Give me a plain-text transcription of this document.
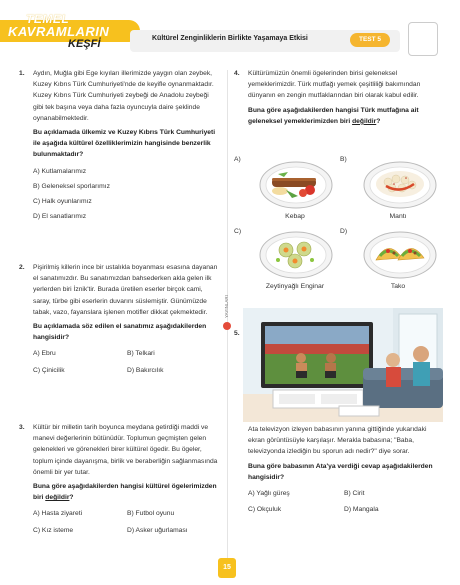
TEMEL
KAVRAMLARIN
KEŞFİ	Kültürel Zenginliklerin Birlikte Yaşamaya Etkisi	TEST 5
1. Aydın, Muğla gibi Ege kıyıları illerimizde yaygın olan zeybek, Kuzey Kıbrıs Türk Cumhuriyeti'nde de keyifle oynanmaktadır. Kuzey Kıbrıs Türk Cumhuriyeti zeybeği de Anadolu zeybeği gibi tek başına veya daha fazla oyuncuyla daire şeklinde oynanabilmektedir.

Bu açıklamada ülkemiz ve Kuzey Kıbrıs Türk Cumhuriyeti ile aşağıda kültürel özelliklerimizin hangisinde benzerlik bulunmaktadır?

A) Kutlamalarımız
B) Geleneksel sporlarımız
C) Halk oyunlarımız
D) El sanatlarımız
2. Pişirilmiş killerin ince bir ustalıkla boyanması esasına dayanan el sanatımızdır. Bu sanatımızdan bahsederken akla gelen ilk yerlerden biri İznik'tir. Burada üretilen eserler birçok cami, saray, türbe gibi eserlerin duvarını süslemiştir. Günümüzde tabak, vazo, fayanslara işlenen motifler dikkat çekmektedir.

Bu açıklamada söz edilen el sanatımız aşağıdakilerden hangisidir?

A) Ebru	B) Telkari
C) Çinicilik	D) Bakırcılık
3. Kültür bir milletin tarih boyunca meydana getirdiği maddi ve manevi değerlerinin bütünüdür. Toplumun geçmişten gelen gelenekleri ve görenekleri birer kültürel ögedir. Bu ögeler, toplum içinde dayanışma, birlik ve beraberliğin sağlanmasında önemli bir yer tutar.

Buna göre aşağıdakilerden hangisi kültürel ögelerimizden biri değildir?

A) Hasta ziyareti	B) Futbol oyunu
C) Kız isteme	D) Asker uğurlaması
YAYINLARI
4. Kültürümüzün önemli ögelerinden birisi geleneksel yemeklerimizdir. Türk mutfağı yemek çeşitliliği bakımından dünyanın en zengin mutfaklarından biri olarak kabul edilir.

Buna göre aşağıdakilerden hangisi Türk mutfağına ait geleneksel yemeklerimizden biri değildir?

A)	B)
C)	D)
Kebap	Mantı
Zeytinyağlı Enginar	Tako
5.

Ata televizyon izleyen babasının yanına gittiğinde yukarıdaki ekran görüntüsüyle karşılaşır. Merakla babasına; "Baba, televizyonda izlediğin bu sporun adı nedir?" diye sorar.

Buna göre babasının Ata'ya verdiği cevap aşağıdakilerden hangisidir?

A) Yağlı güreş	B) Cirit
C) Okçuluk	D) Mangala
15
